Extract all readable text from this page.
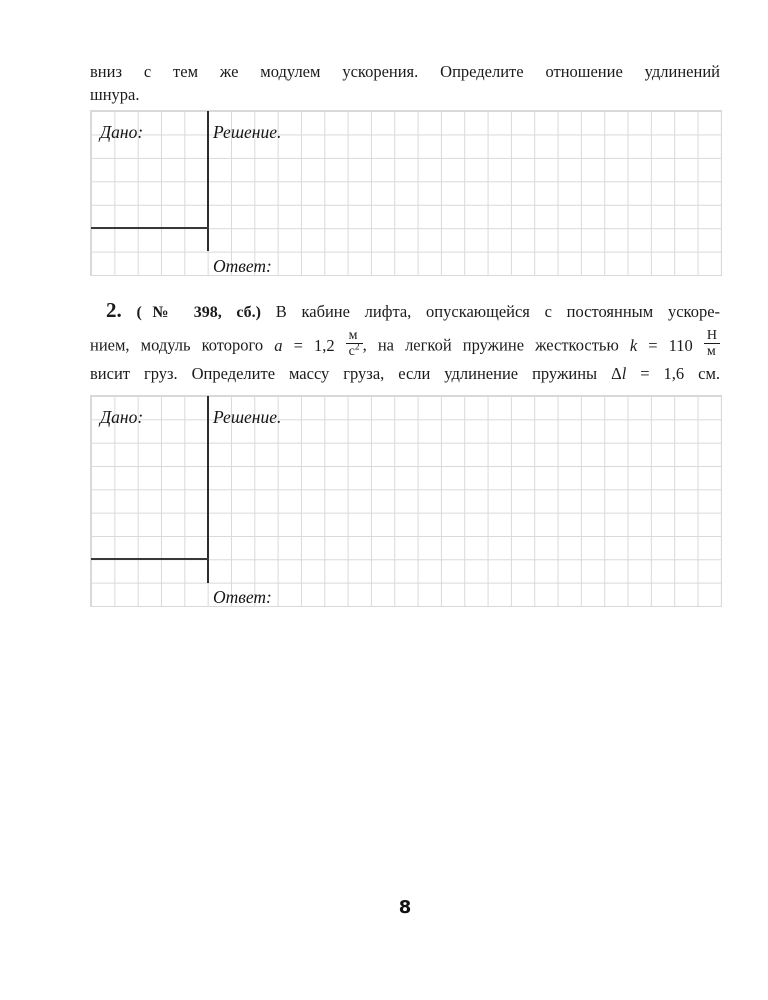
вниз с тем же модулем ускорения. Определите отношение удлинений
шнура.
Дано:	Решение.
Ответ:
2. (№ 398, сб.) В кабине лифта, опускающейся с постоянным ускоре-
нием, модуль которого $a = 1,2 \frac{м}{с^2}$ , на легкой пружине жесткостью $k = 110 \frac{Н}{м}$
висит груз. Определите массу груза, если удлинение пружины Δl = 1,6 см.
Дано:	Решение.
Ответ:
8
